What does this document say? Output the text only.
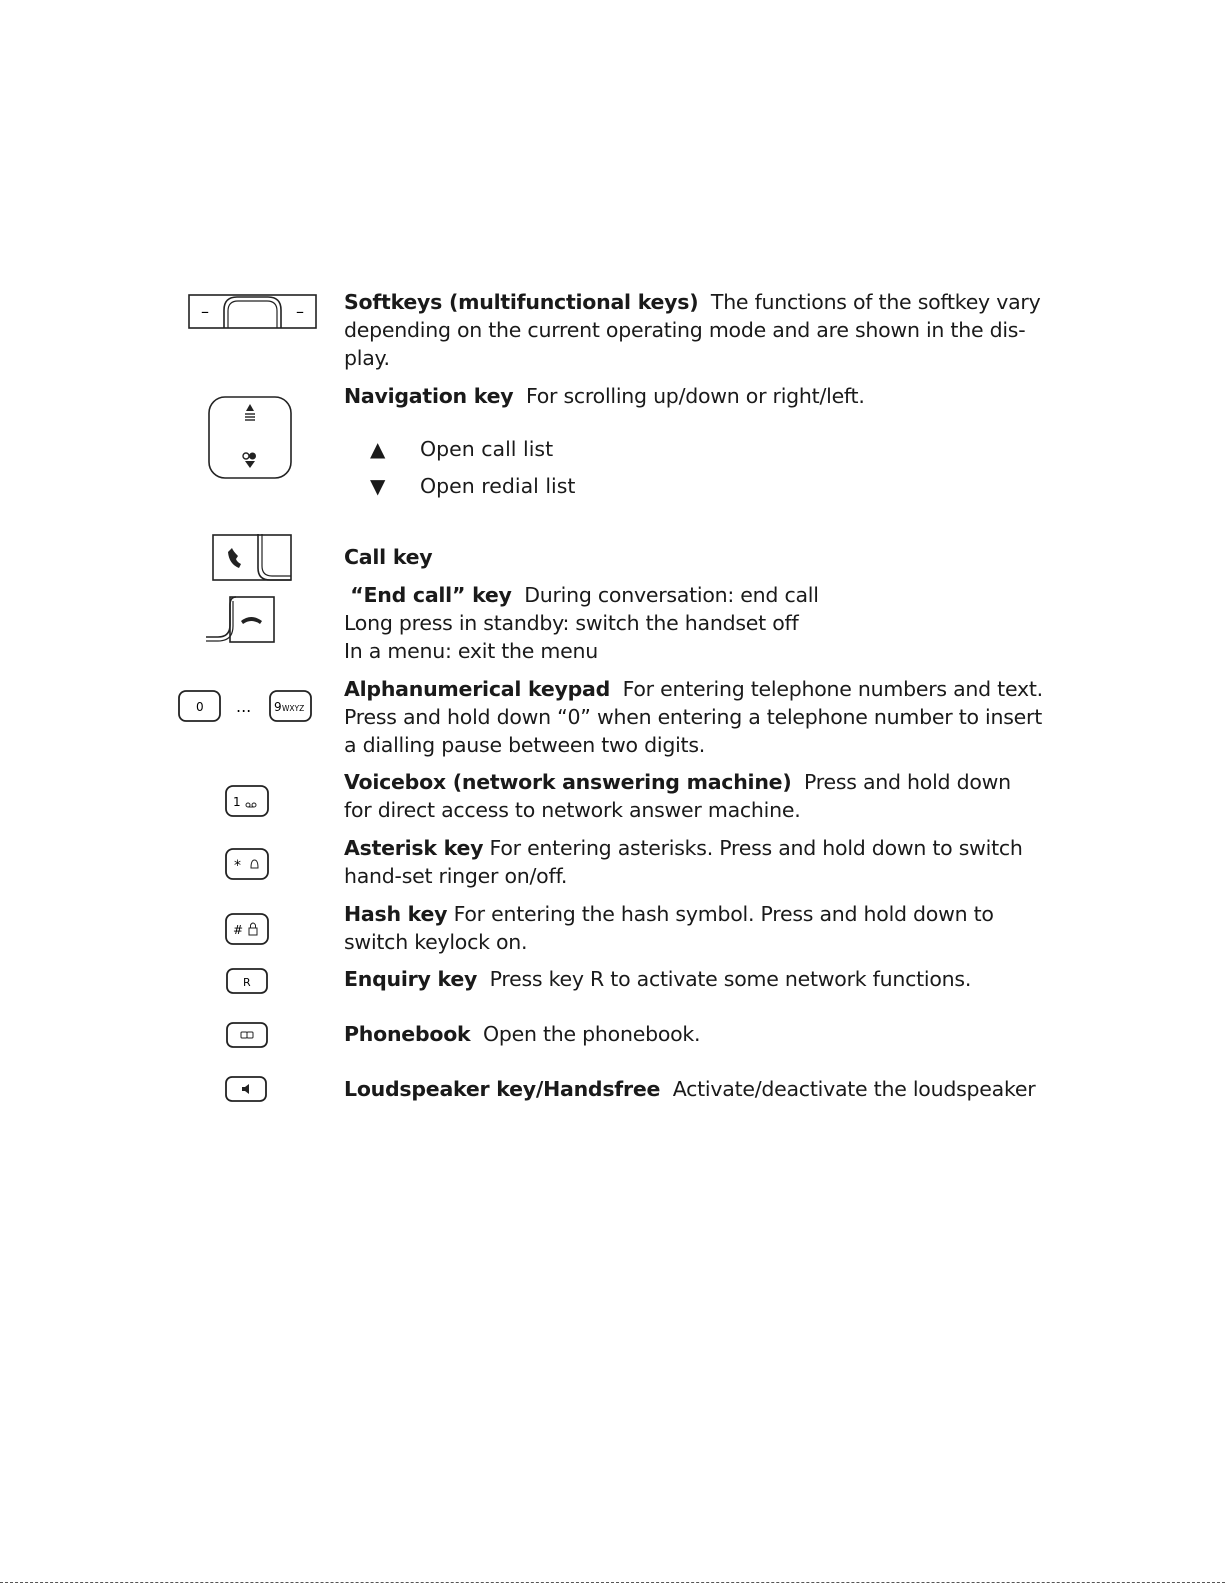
–	– Softkeys (multifunctional keys) The functions of the softkey vary depending on the current operating mode and are shown in the dis-play.
Navigation key For scrolling up/down or right/left.
▲ Open call list
▼ Open redial list
Call key
“End call” key During conversation: end call
Long press in standby: switch the handset off
In a menu: exit the menu
0 ... 9 WXYZ
Alphanumerical keypad For entering telephone numbers and text. Press and hold down “0” when entering a telephone number to insert a dialling pause between two digits.
1
Voicebox (network answering machine) Press and hold down for direct access to network answer machine.
*
Asterisk key For entering asterisks. Press and hold down to switch hand-set ringer on/off.
#
Hash key For entering the hash symbol. Press and hold down to switch keylock on.
R	Enquiry key Press key R to activate some network functions.
Phonebook Open the phonebook.
Loudspeaker key/Handsfree Activate/deactivate the loudspeaker
